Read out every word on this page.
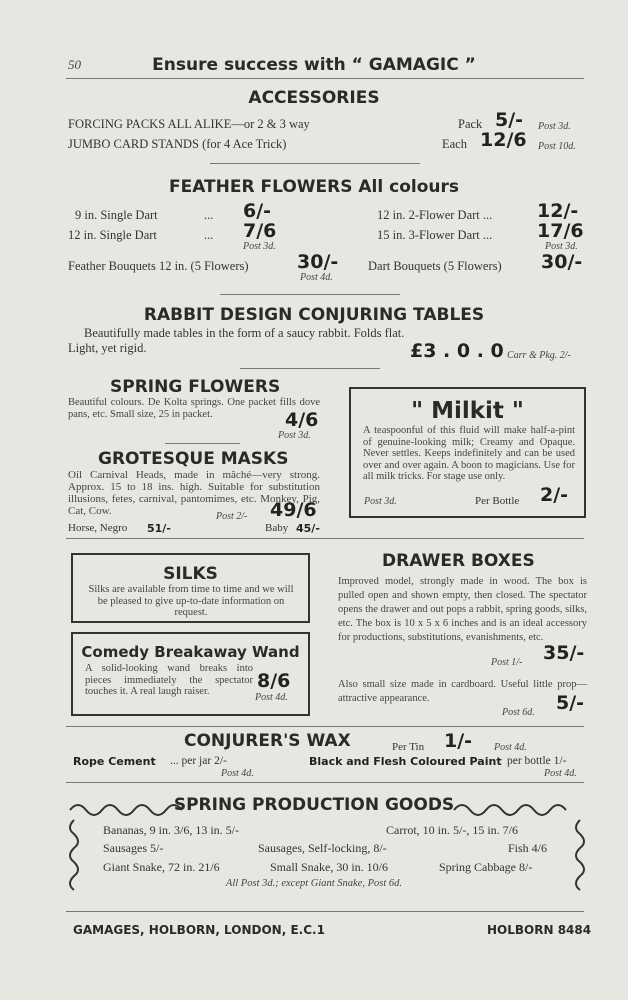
50	Ensure success with “ GAMAGIC ”
ACCESSORIES
FORCING PACKS ALL ALIKE—or 2 & 3 way	Pack 5/- Post 3d.
JUMBO CARD STANDS (for 4 Ace Trick)	Each 12/6 Post 10d.
FEATHER FLOWERS All colours
9 in. Single Dart	... 6/-
12 in. Single Dart	... 7/6
Post 3d.
12 in. 2-Flower Dart ... 12/-
15 in. 3-Flower Dart ... 17/6
Post 3d.
Feather Bouquets 12 in. (5 Flowers)	30/-
Post 4d.
Dart Bouquets (5 Flowers) 30/-
RABBIT DESIGN CONJURING TABLES
Beautifully made tables in the form of a saucy rabbit. Folds flat.
Light, yet rigid.	£3 . 0 . 0 Carr & Pkg. 2/-
SPRING FLOWERS
Beautiful colours. De Kolta springs. One packet fills dove pans, etc. Small size, 25 in packet.	4/6
Post 3d.
GROTESQUE MASKS
Oil Carnival Heads, made in mâché—very strong. Approx. 15 to 18 ins. high. Suitable for substitution illusions, fetes, carnival, pantomimes, etc. Monkey, Pig, Cat, Cow.	Post 2/- 49/6
Horse, Negro 51/-	Baby 45/-
" Milkit "
A teaspoonful of this fluid will make half-a-pint of genuine-looking milk; Creamy and Opaque. Never settles. Keeps indefinitely and can be used over and over again. A boon to magicians. Use for all milk tricks. For stage use only.
Post 3d.	Per Bottle 2/-
SILKS
Silks are available from time to time and we will be pleased to give up-to-date information on request.
Comedy Breakaway Wand
A solid-looking wand breaks into pieces immediately the spectator touches it. A real laugh raiser.	8/6
Post 4d.
DRAWER BOXES
Improved model, strongly made in wood. The box is pulled open and shown empty, then closed. The spectator opens the drawer and out pops a rabbit, spring goods, silks, etc. The box is 10 x 5 x 6 inches and is an ideal accessory for productions, substitutions, evanishments, etc.
Post 1/- 35/-
Also small size made in cardboard. Useful little prop—attractive appearance.
Post 6d. 5/-
CONJURER'S WAX	Per Tin 1/- Post 4d.
Rope Cement ... per jar 2/-
Post 4d.
Black and Flesh Coloured Paint per bottle 1/-
Post 4d.
SPRING PRODUCTION GOODS
Bananas, 9 in. 3/6, 13 in. 5/-	Carrot, 10 in. 5/-, 15 in. 7/6
Sausages 5/-	Sausages, Self-locking, 8/-	Fish 4/6
Giant Snake, 72 in. 21/6	Small Snake, 30 in. 10/6	Spring Cabbage 8/-
All Post 3d.; except Giant Snake, Post 6d.
GAMAGES, HOLBORN, LONDON, E.C.1	HOLBORN 8484
